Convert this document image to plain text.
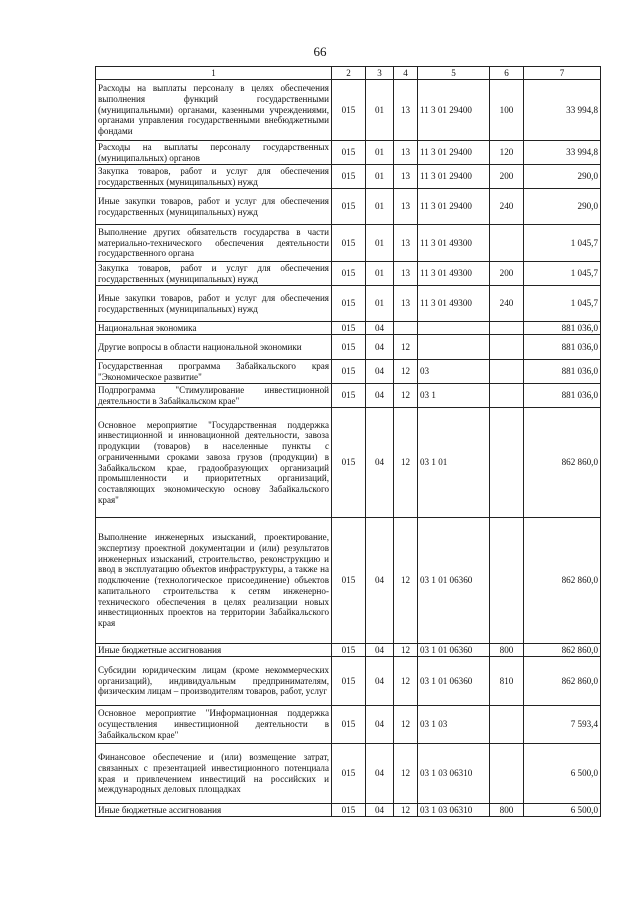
66
1	2	3	4	5	6	7
Расходы на выплаты персоналу в целях обеспечения выполнения функций государственными (муниципальными) органами, казенными учреждениями, органами управления государственными внебюджетными фондами	015	01	13	11 3 01 29400	100	33 994,8
Расходы на выплаты персоналу государственных (муниципальных) органов	015	01	13	11 3 01 29400	120	33 994,8
Закупка товаров, работ и услуг для обеспечения государственных (муниципальных) нужд	015	01	13	11 3 01 29400	200	290,0
Иные закупки товаров, работ и услуг для обеспечения государственных (муниципальных) нужд	015	01	13	11 3 01 29400	240	290,0
Выполнение других обязательств государства в части материально-технического обеспечения деятельности государственного органа	015	01	13	11 3 01 49300		1 045,7
Закупка товаров, работ и услуг для обеспечения государственных (муниципальных) нужд	015	01	13	11 3 01 49300	200	1 045,7
Иные закупки товаров, работ и услуг для обеспечения государственных (муниципальных) нужд	015	01	13	11 3 01 49300	240	1 045,7
Национальная экономика	015	04				881 036,0
Другие вопросы в области национальной экономики	015	04	12			881 036,0
Государственная программа Забайкальского края "Экономическое развитие"	015	04	12	03		881 036,0
Подпрограмма "Стимулирование инвестиционной деятельности в Забайкальском крае"	015	04	12	03 1		881 036,0
Основное мероприятие "Государственная поддержка инвестиционной и инновационной деятельности, завоза продукции (товаров) в населенные пункты с ограниченными сроками завоза грузов (продукции) в Забайкальском крае, градообразующих организаций промышленности и приоритетных организаций, составляющих экономическую основу Забайкальского края"	015	04	12	03 1 01		862 860,0
Выполнение инженерных изысканий, проектирование, экспертизу проектной документации и (или) результатов инженерных изысканий, строительство, реконструкцию и ввод в эксплуатацию объектов инфраструктуры, а также на подключение (технологическое присоединение) объектов капитального строительства к сетям инженерно-технического обеспечения в целях реализации новых инвестиционных проектов на территории Забайкальского края	015	04	12	03 1 01 06360		862 860,0
Иные бюджетные ассигнования	015	04	12	03 1 01 06360	800	862 860,0
Субсидии юридическим лицам (кроме некоммерческих организаций), индивидуальным предпринимателям, физическим лицам – производителям товаров, работ, услуг	015	04	12	03 1 01 06360	810	862 860,0
Основное мероприятие "Информационная поддержка осуществления инвестиционной деятельности в Забайкальском крае"	015	04	12	03 1 03		7 593,4
Финансовое обеспечение и (или) возмещение затрат, связанных с презентацией инвестиционного потенциала края и привлечением инвестиций на российских и международных деловых площадках	015	04	12	03 1 03 06310		6 500,0
Иные бюджетные ассигнования	015	04	12	03 1 03 06310	800	6 500,0
